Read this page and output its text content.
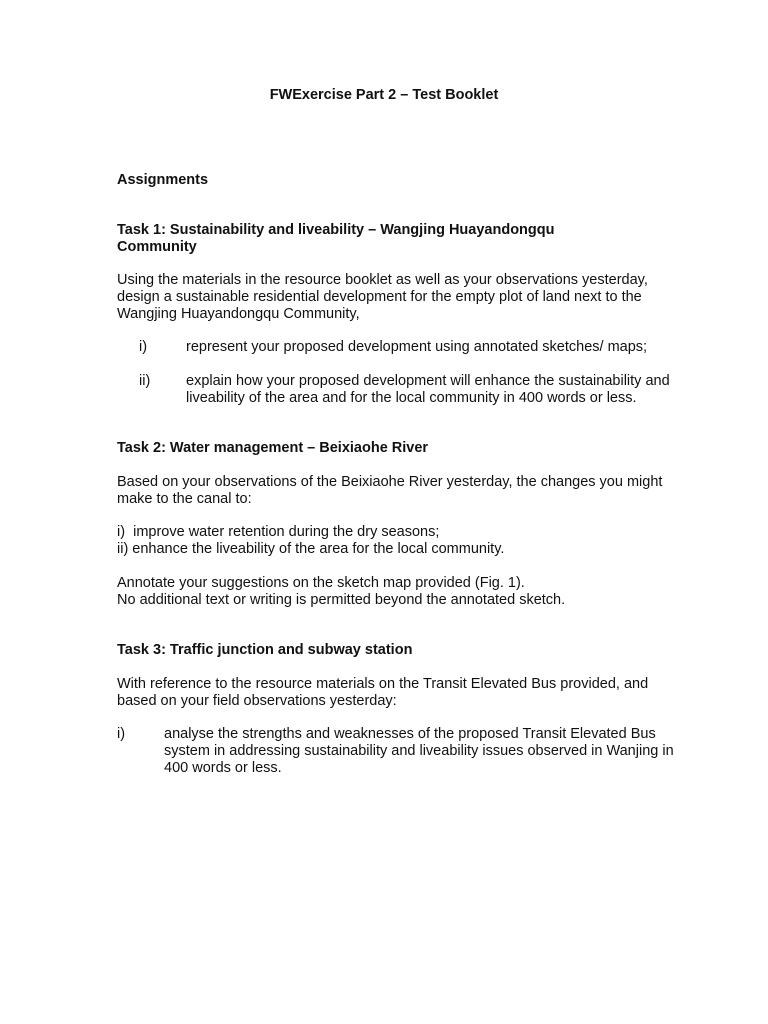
FWExercise Part 2 – Test Booklet

Assignments

Task 1: Sustainability and liveability – Wangjing Huayandongqu Community

Using the materials in the resource booklet as well as your observations yesterday, design a sustainable residential development for the empty plot of land next to the Wangjing Huayandongqu Community,

i)	represent your proposed development using annotated sketches/ maps;
ii) explain how your proposed development will enhance the sustainability and liveability of the area and for the local community in 400 words or less.

Task 2: Water management – Beixiaohe River

Based on your observations of the Beixiaohe River yesterday, the changes you might make to the canal to:

i)  improve water retention during the dry seasons;

ii) enhance the liveability of the area for the local community.

Annotate your suggestions on the sketch map provided (Fig. 1).

No additional text or writing is permitted beyond the annotated sketch.

Task 3: Traffic junction and subway station

With reference to the resource materials on the Transit Elevated Bus provided, and based on your field observations yesterday:

i)	analyse the strengths and weaknesses of the proposed Transit Elevated Bus system in addressing sustainability and liveability issues observed in Wanjing in 400 words or less.
